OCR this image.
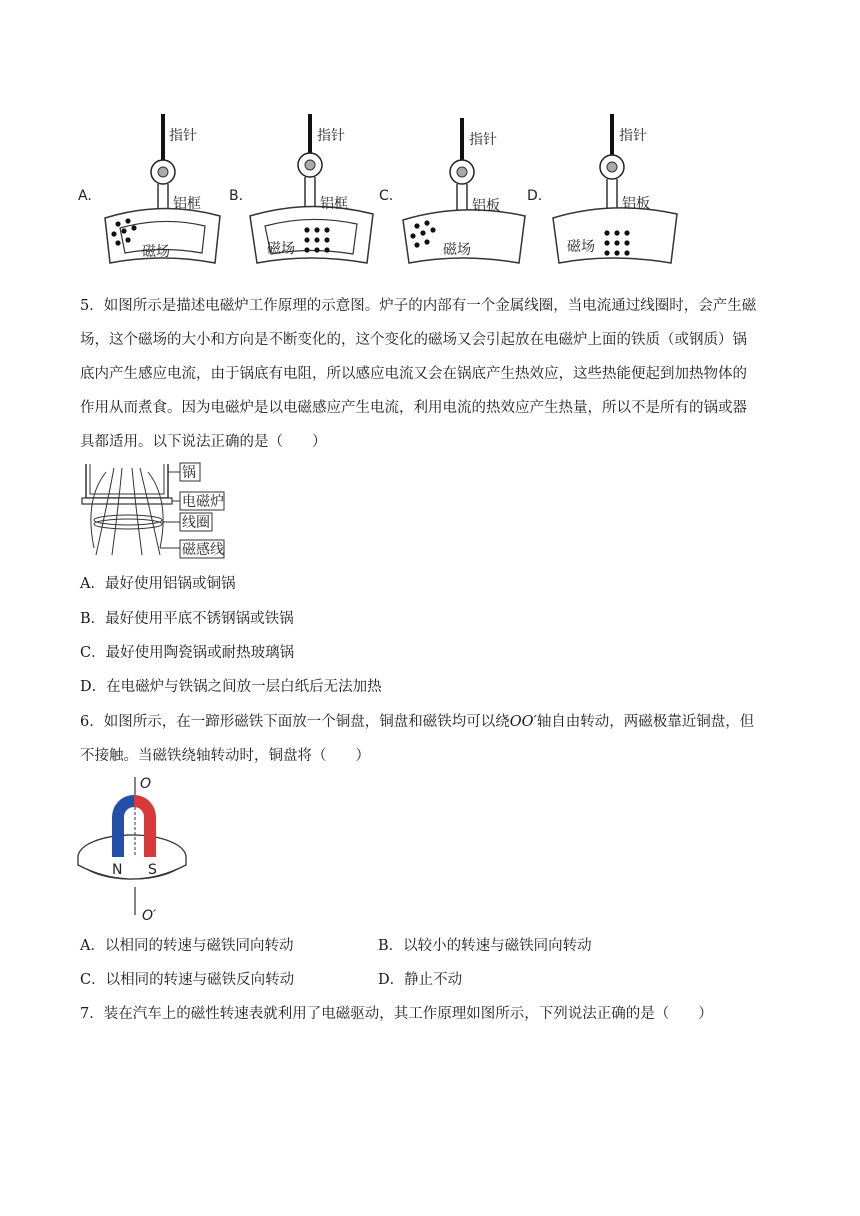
A.
指针
铝框
磁场
B.
指针
铝框
磁场
C.
指针
铝板
磁场
D.
指针
铝板
磁场
5．如图所示是描述电磁炉工作原理的示意图。炉子的内部有一个金属线圈，当电流通过线圈时，会产生磁
场，这个磁场的大小和方向是不断变化的，这个变化的磁场又会引起放在电磁炉上面的铁质（或钢质）锅
底内产生感应电流，由于锅底有电阻，所以感应电流又会在锅底产生热效应，这些热能便起到加热物体的
作用从而煮食。因为电磁炉是以电磁感应产生电流，利用电流的热效应产生热量，所以不是所有的锅或器
具都适用。以下说法正确的是（　　）
锅
电磁炉
线圈
磁感线
A．最好使用铝锅或铜锅
B．最好使用平底不锈钢锅或铁锅
C．最好使用陶瓷锅或耐热玻璃锅
D．在电磁炉与铁锅之间放一层白纸后无法加热
6．如图所示，在一蹄形磁铁下面放一个铜盘，铜盘和磁铁均可以绕OO′轴自由转动，两磁极靠近铜盘，但
不接触。当磁铁绕轴转动时，铜盘将（　　）
O
N S
O′
A．以相同的转速与磁铁同向转动	B．以较小的转速与磁铁同向转动
C．以相同的转速与磁铁反向转动	D．静止不动
7．装在汽车上的磁性转速表就利用了电磁驱动，其工作原理如图所示，下列说法正确的是（　　）
